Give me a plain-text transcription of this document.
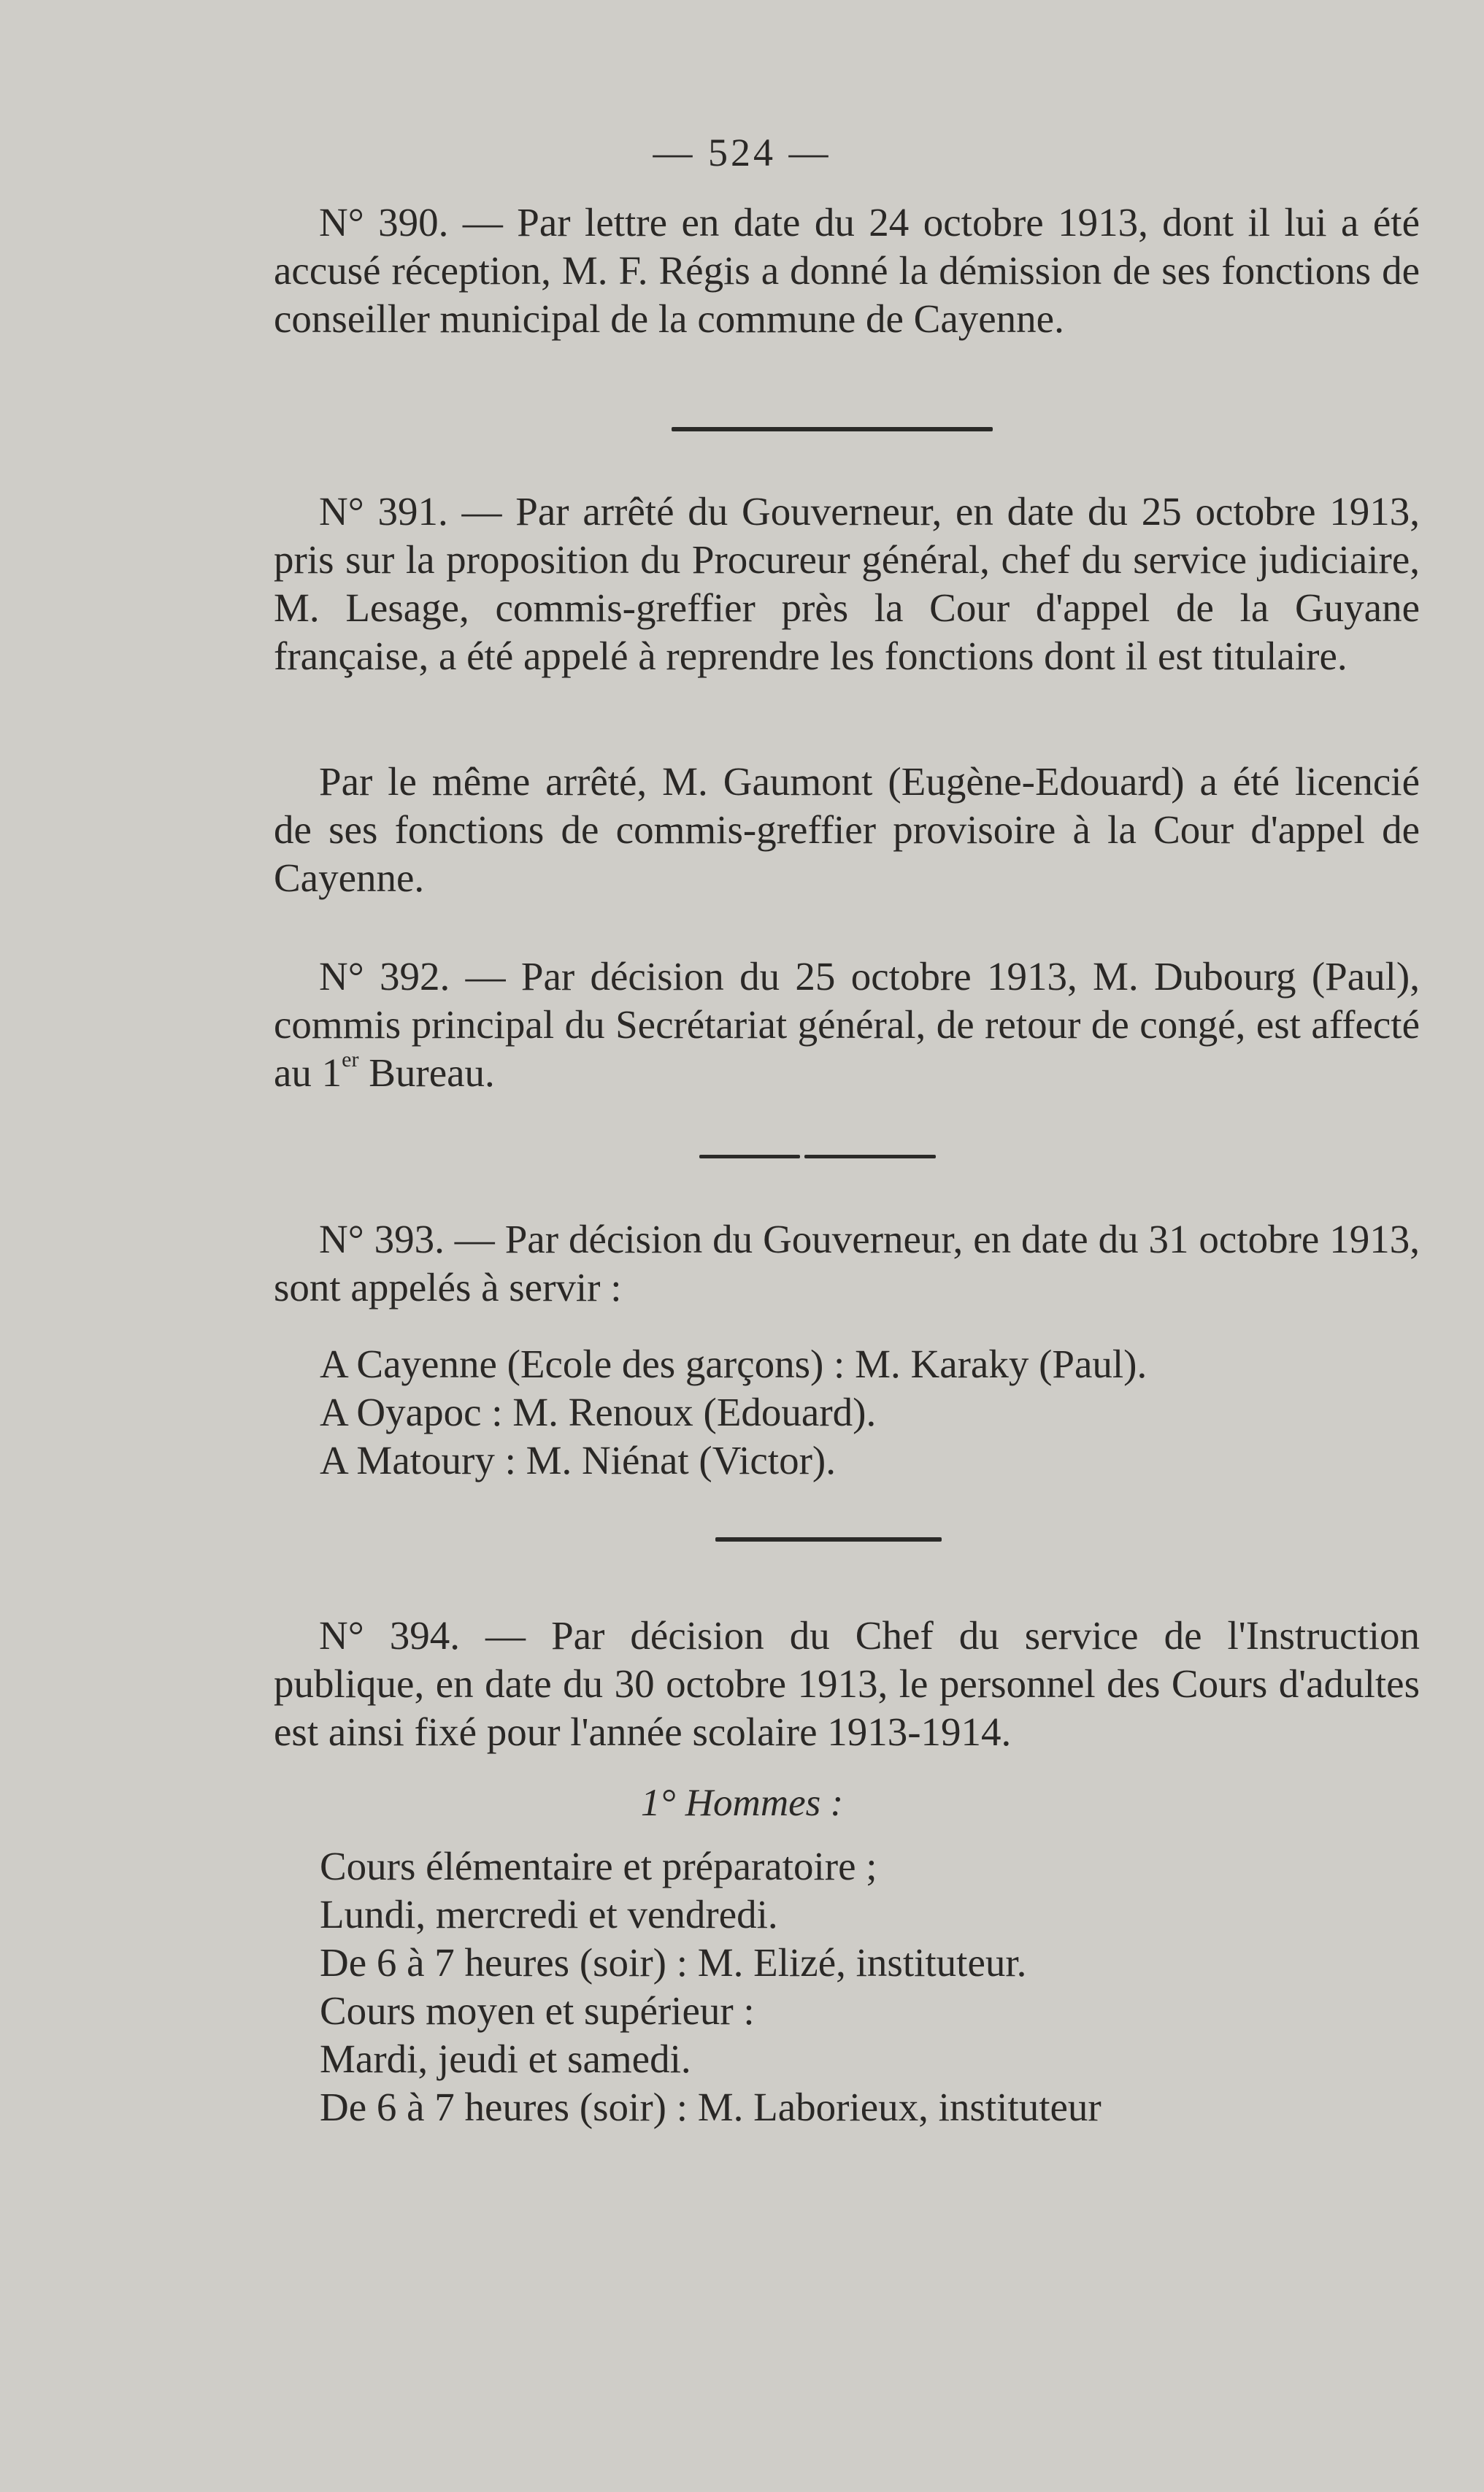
— 524 —

N° 390. — Par lettre en date du 24 octobre 1913, dont il lui a été accusé réception, M. F. Régis a donné la démission de ses fonctions de conseiller municipal de la commune de Cayenne.

N° 391. — Par arrêté du Gouverneur, en date du 25 octobre 1913, pris sur la proposition du Procureur général, chef du service judiciaire, M. Lesage, commis-greffier près la Cour d'appel de la Guyane française, a été appelé à reprendre les fonctions dont il est titulaire.

Par le même arrêté, M. Gaumont (Eugène-Edouard) a été licencié de ses fonctions de commis-greffier provisoire à la Cour d'appel de Cayenne.

N° 392. — Par décision du 25 octobre 1913, M. Dubourg (Paul), commis principal du Secrétariat général, de retour de congé, est affecté au 1er Bureau.

N° 393. — Par décision du Gouverneur, en date du 31 octobre 1913, sont appelés à servir :

A Cayenne (Ecole des garçons) : M. Karaky (Paul).

A Oyapoc : M. Renoux (Edouard).

A Matoury : M. Niénat (Victor).

N° 394. — Par décision du Chef du service de l'Instruction publique, en date du 30 octobre 1913, le personnel des Cours d'adultes est ainsi fixé pour l'année scolaire 1913-1914.

1° Hommes :

Cours élémentaire et préparatoire ;

Lundi, mercredi et vendredi.

De 6 à 7 heures (soir) : M. Elizé, instituteur.

Cours moyen et supérieur :

Mardi, jeudi et samedi.

De 6 à 7 heures (soir) : M. Laborieux, instituteur
